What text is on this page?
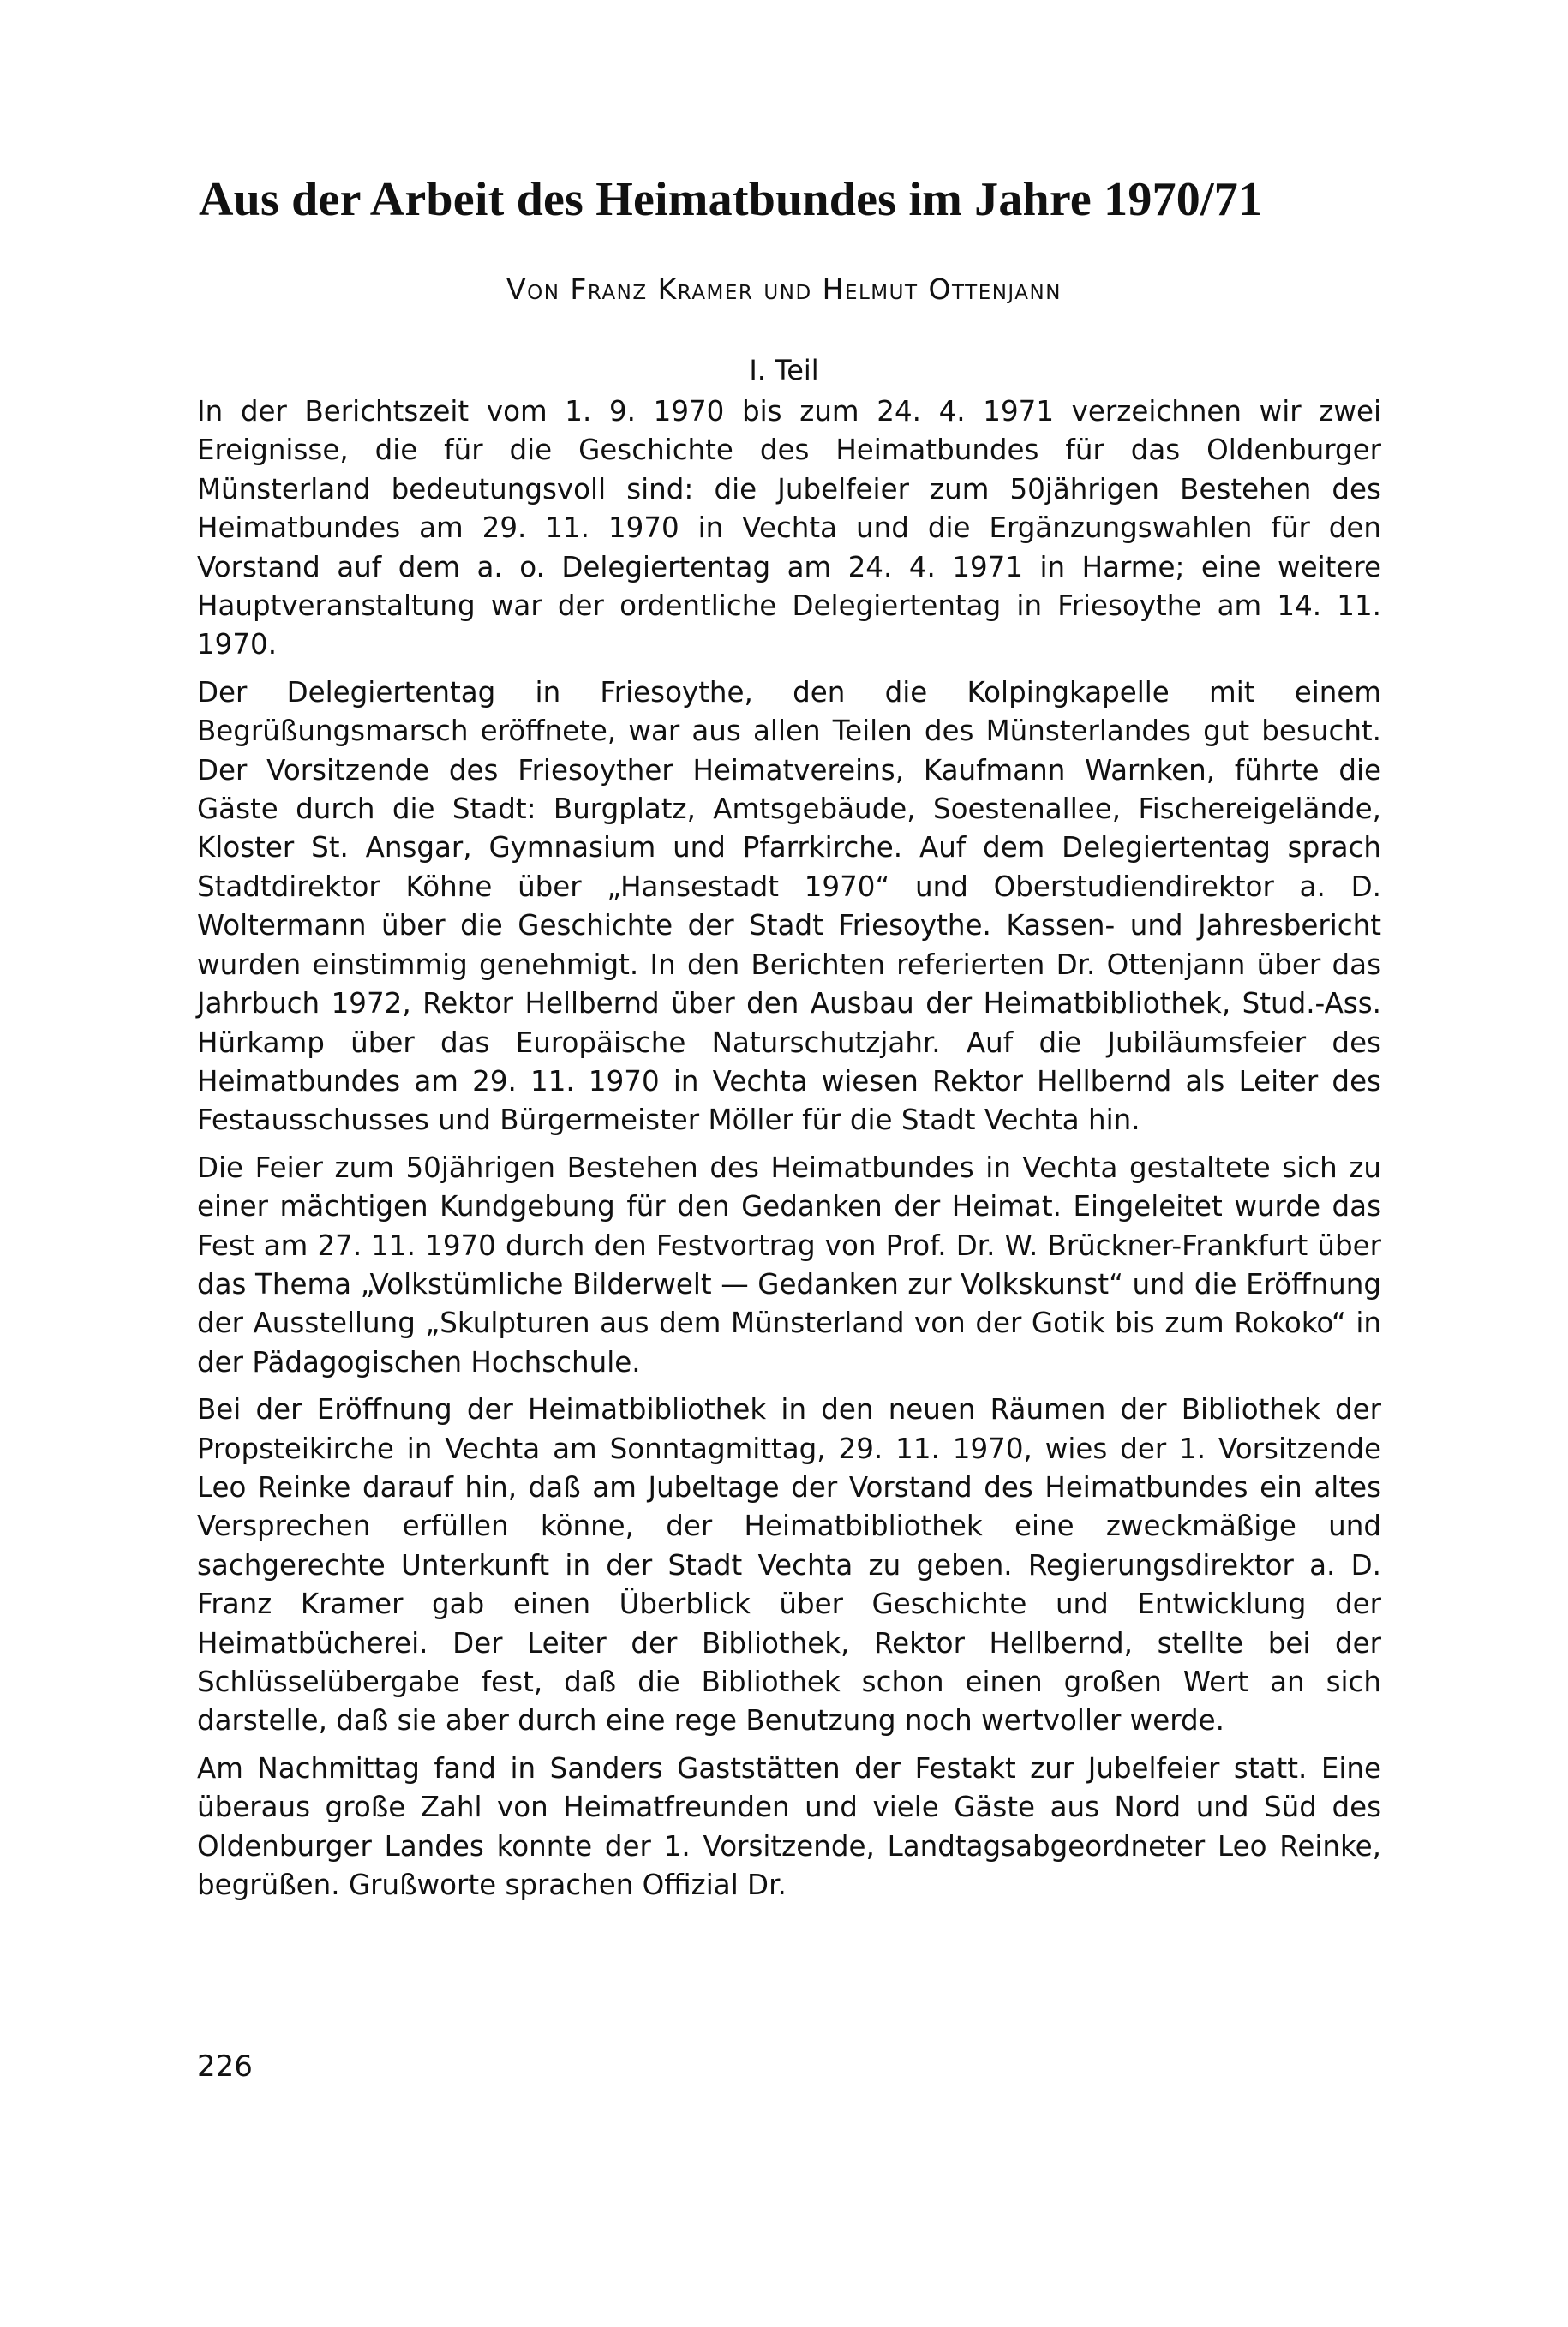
Aus der Arbeit des Heimatbundes im Jahre 1970/71
Von Franz Kramer und Helmut Ottenjann
I. Teil

In der Berichtszeit vom 1. 9. 1970 bis zum 24. 4. 1971 verzeichnen wir zwei Ereignisse, die für die Geschichte des Heimatbundes für das Oldenburger Münsterland bedeutungsvoll sind: die Jubelfeier zum 50jährigen Bestehen des Heimatbundes am 29. 11. 1970 in Vechta und die Ergänzungswahlen für den Vorstand auf dem a. o. Delegiertentag am 24. 4. 1971 in Harme; eine weitere Hauptveranstaltung war der ordentliche Delegiertentag in Friesoythe am 14. 11. 1970.

Der Delegiertentag in Friesoythe, den die Kolpingkapelle mit einem Begrüßungsmarsch eröffnete, war aus allen Teilen des Münsterlandes gut besucht. Der Vorsitzende des Friesoyther Heimatvereins, Kaufmann Warnken, führte die Gäste durch die Stadt: Burgplatz, Amtsgebäude, Soestenallee, Fischereigelände, Kloster St. Ansgar, Gymnasium und Pfarrkirche. Auf dem Delegiertentag sprach Stadtdirektor Köhne über „Hansestadt 1970“ und Oberstudiendirektor a. D. Woltermann über die Geschichte der Stadt Friesoythe. Kassen- und Jahresbericht wurden einstimmig genehmigt. In den Berichten referierten Dr. Ottenjann über das Jahrbuch 1972, Rektor Hellbernd über den Ausbau der Heimatbibliothek, Stud.-Ass. Hürkamp über das Europäische Naturschutzjahr. Auf die Jubiläumsfeier des Heimatbundes am 29. 11. 1970 in Vechta wiesen Rektor Hellbernd als Leiter des Festausschusses und Bürgermeister Möller für die Stadt Vechta hin.

Die Feier zum 50jährigen Bestehen des Heimatbundes in Vechta gestaltete sich zu einer mächtigen Kundgebung für den Gedanken der Heimat. Eingeleitet wurde das Fest am 27. 11. 1970 durch den Festvortrag von Prof. Dr. W. Brückner-Frankfurt über das Thema „Volkstümliche Bilderwelt — Gedanken zur Volkskunst“ und die Eröffnung der Ausstellung „Skulpturen aus dem Münsterland von der Gotik bis zum Rokoko“ in der Pädagogischen Hochschule.

Bei der Eröffnung der Heimatbibliothek in den neuen Räumen der Bibliothek der Propsteikirche in Vechta am Sonntagmittag, 29. 11. 1970, wies der 1. Vorsitzende Leo Reinke darauf hin, daß am Jubeltage der Vorstand des Heimatbundes ein altes Versprechen erfüllen könne, der Heimatbibliothek eine zweckmäßige und sachgerechte Unterkunft in der Stadt Vechta zu geben. Regierungsdirektor a. D. Franz Kramer gab einen Überblick über Geschichte und Entwicklung der Heimatbücherei. Der Leiter der Bibliothek, Rektor Hellbernd, stellte bei der Schlüsselübergabe fest, daß die Bibliothek schon einen großen Wert an sich darstelle, daß sie aber durch eine rege Benutzung noch wertvoller werde.

Am Nachmittag fand in Sanders Gaststätten der Festakt zur Jubelfeier statt. Eine überaus große Zahl von Heimatfreunden und viele Gäste aus Nord und Süd des Oldenburger Landes konnte der 1. Vorsitzende, Landtagsabgeordneter Leo Reinke, begrüßen. Grußworte sprachen Offizial Dr.

226
